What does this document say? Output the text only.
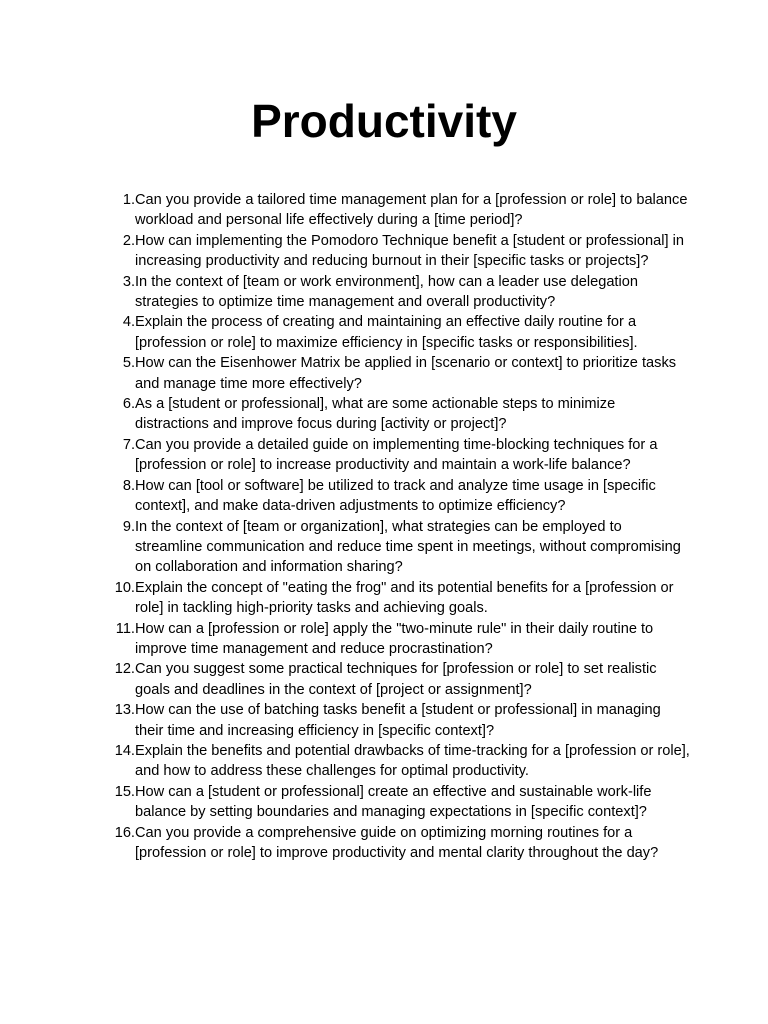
Productivity
1. Can you provide a tailored time management plan for a [profession or role] to balance workload and personal life effectively during a [time period]?
2. How can implementing the Pomodoro Technique benefit a [student or professional] in increasing productivity and reducing burnout in their [specific tasks or projects]?
3. In the context of [team or work environment], how can a leader use delegation strategies to optimize time management and overall productivity?
4. Explain the process of creating and maintaining an effective daily routine for a [profession or role] to maximize efficiency in [specific tasks or responsibilities].
5. How can the Eisenhower Matrix be applied in [scenario or context] to prioritize tasks and manage time more effectively?
6. As a [student or professional], what are some actionable steps to minimize distractions and improve focus during [activity or project]?
7. Can you provide a detailed guide on implementing time-blocking techniques for a [profession or role] to increase productivity and maintain a work-life balance?
8. How can [tool or software] be utilized to track and analyze time usage in [specific context], and make data-driven adjustments to optimize efficiency?
9. In the context of [team or organization], what strategies can be employed to streamline communication and reduce time spent in meetings, without compromising on collaboration and information sharing?
10. Explain the concept of "eating the frog" and its potential benefits for a [profession or role] in tackling high-priority tasks and achieving goals.
11. How can a [profession or role] apply the "two-minute rule" in their daily routine to improve time management and reduce procrastination?
12. Can you suggest some practical techniques for [profession or role] to set realistic goals and deadlines in the context of [project or assignment]?
13. How can the use of batching tasks benefit a [student or professional] in managing their time and increasing efficiency in [specific context]?
14. Explain the benefits and potential drawbacks of time-tracking for a [profession or role], and how to address these challenges for optimal productivity.
15. How can a [student or professional] create an effective and sustainable work-life balance by setting boundaries and managing expectations in [specific context]?
16. Can you provide a comprehensive guide on optimizing morning routines for a [profession or role] to improve productivity and mental clarity throughout the day?
